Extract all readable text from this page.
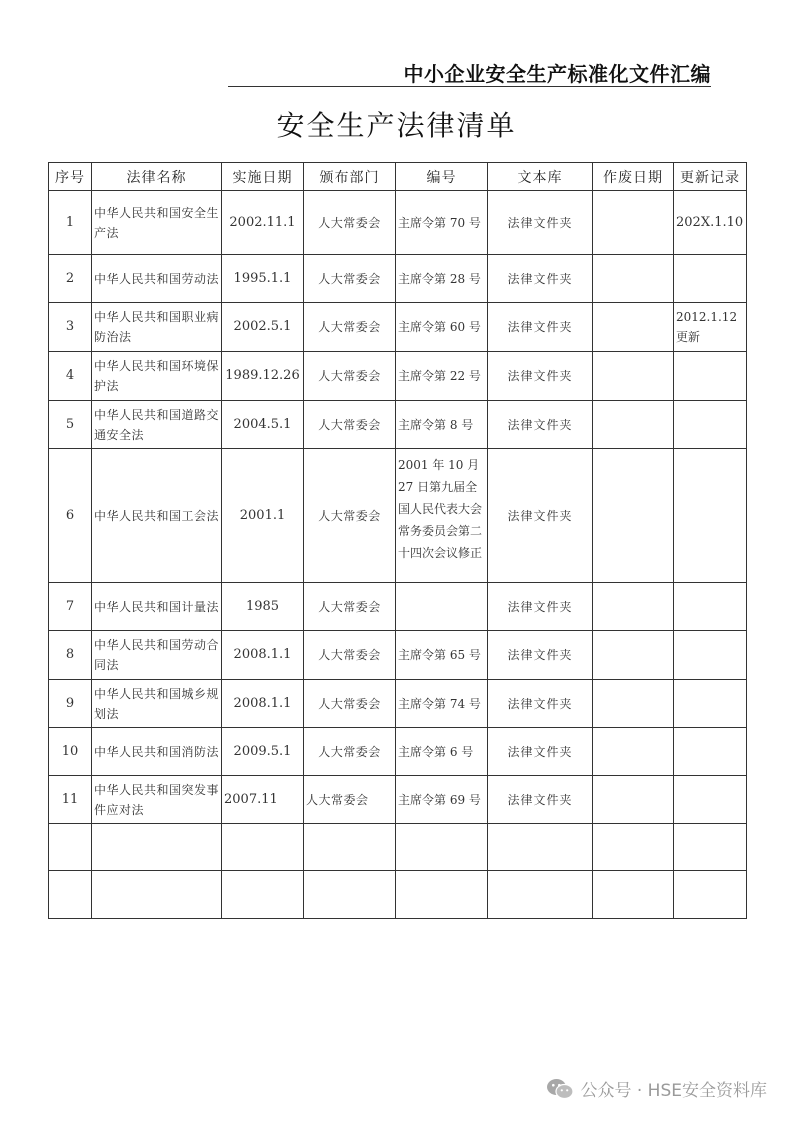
中小企业安全生产标准化文件汇编
安全生产法律清单
序号	法律名称	实施日期	颁布部门	编号	文本库	作废日期	更新记录
1	中华人民共和国安全生产法	2002.11.1	人大常委会	主席令第 70 号	法律文件夹		202X.1.10
2	中华人民共和国劳动法	1995.1.1	人大常委会	主席令第 28 号	法律文件夹		
3	中华人民共和国职业病防治法	2002.5.1	人大常委会	主席令第 60 号	法律文件夹		2012.1.12 更新
4	中华人民共和国环境保护法	1989.12.26	人大常委会	主席令第 22 号	法律文件夹		
5	中华人民共和国道路交通安全法	2004.5.1	人大常委会	主席令第 8 号	法律文件夹		
6	中华人民共和国工会法	2001.1	人大常委会	2001 年 10 月 27 日第九届全国人民代表大会常务委员会第二十四次会议修正	法律文件夹		
7	中华人民共和国计量法	1985	人大常委会		法律文件夹		
8	中华人民共和国劳动合同法	2008.1.1	人大常委会	主席令第 65 号	法律文件夹		
9	中华人民共和国城乡规划法	2008.1.1	人大常委会	主席令第 74 号	法律文件夹		
10	中华人民共和国消防法	2009.5.1	人大常委会	主席令第 6 号	法律文件夹		
11	中华人民共和国突发事件应对法	2007.11	人大常委会	主席令第 69 号	法律文件夹		

公众号 · HSE安全资料库
